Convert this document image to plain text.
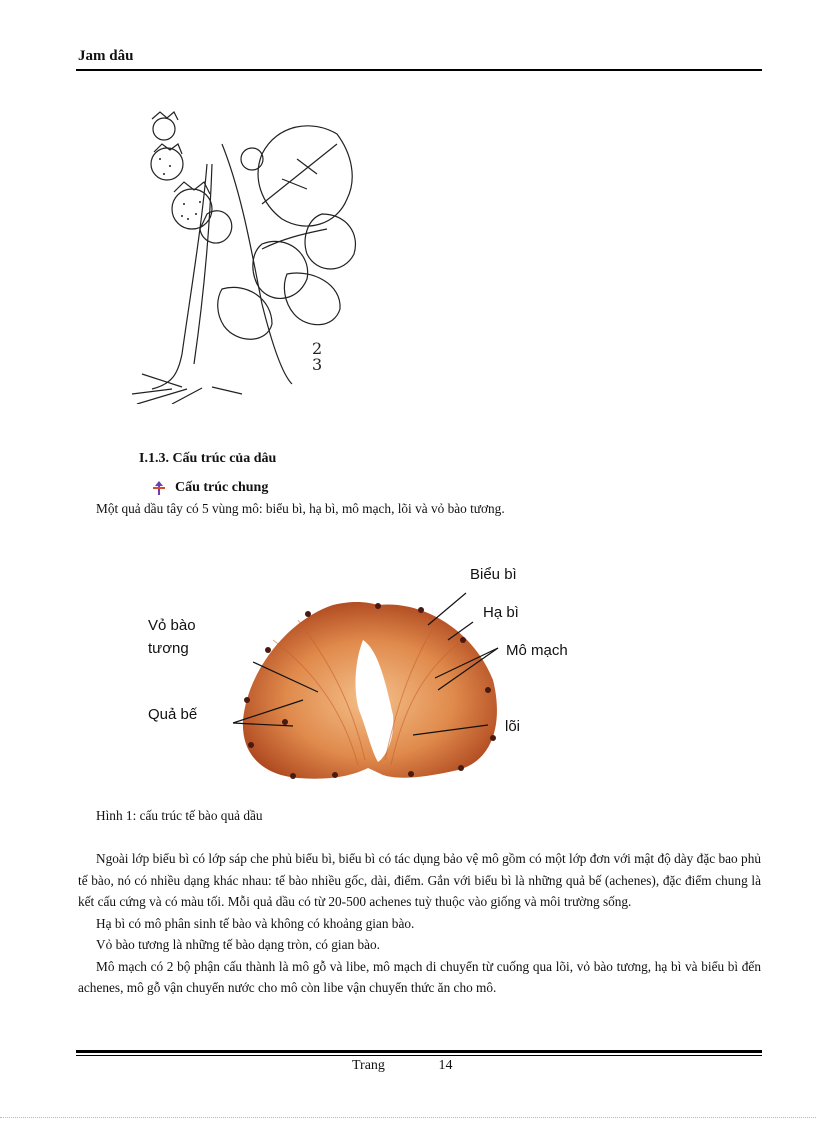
Jam dâu
2
3
I.1.3. Cấu trúc của dâu
Cấu trúc chung
Một quả dầu tây có 5 vùng mô: biểu bì, hạ bì, mô mạch, lõi và vỏ bào tương.
Biểu bì
Hạ bì
Mô mạch
lõi
Vỏ bào
tương
Quả bế
Hình 1: cấu trúc tế bào quả dầu

Ngoài lớp biểu bì có lớp sáp che phủ biểu bì, biểu bì có tác dụng bảo vệ mô gồm có một lớp đơn với mật độ dày đặc bao phủ tế bào, nó có nhiều dạng khác nhau: tế bào nhiều gốc, dài, điểm. Gắn với biểu bì là những quả bế (achenes), đặc điểm chung là kết cấu cứng và có màu tối. Mỗi quả dầu có từ 20-500 achenes tuỳ thuộc vào giống và môi trường sống.

Hạ bì có mô phân sinh tế bào và không có khoảng gian bào.

Vỏ bào tương là những tế bào dạng tròn, có gian bào.

Mô mạch có 2 bộ phận cấu thành là mô gỗ và libe, mô mạch di chuyển từ cuống qua lõi, vỏ bào tương, hạ bì và biểu bì đến achenes, mô gỗ vận chuyển nước cho mô còn libe vận chuyển thức ăn cho mô.

Trang	14
